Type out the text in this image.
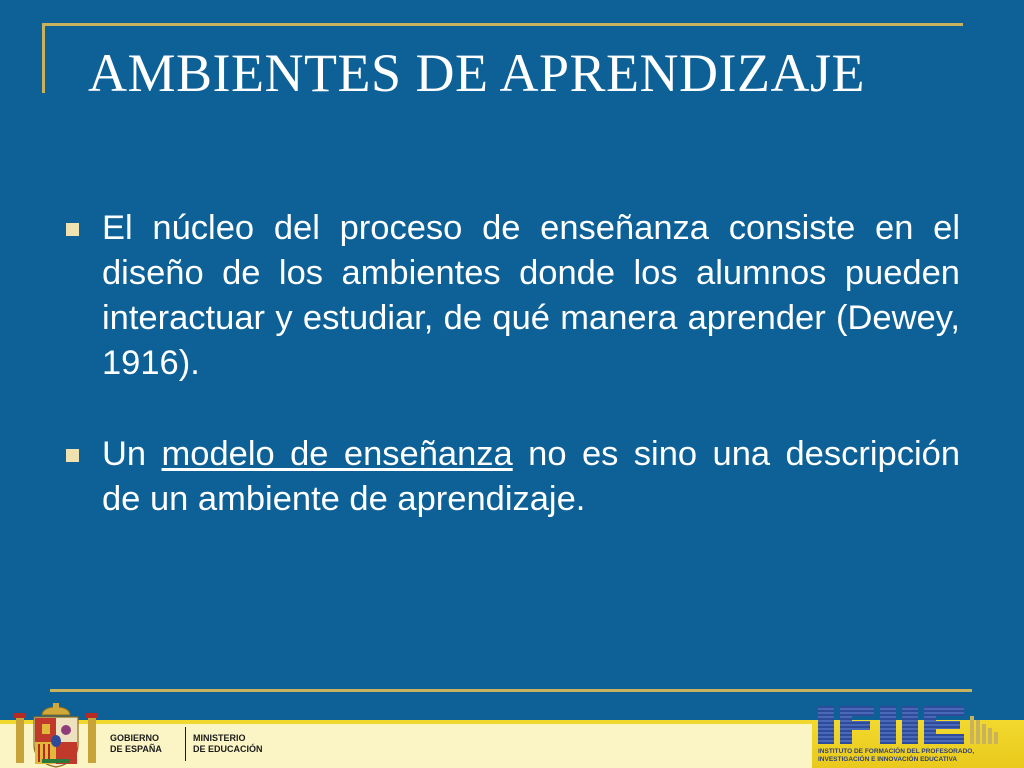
AMBIENTES DE APRENDIZAJE

El núcleo del proceso de enseñanza consiste en el diseño de los ambientes donde los alumnos pueden interactuar y estudiar, de qué manera aprender (Dewey, 1916).

Un modelo de enseñanza no es sino una descripción de un ambiente de aprendizaje.

GOBIERNO
DE ESPAÑA
MINISTERIO
DE EDUCACIÓN	INSTITUTO DE FORMACIÓN DEL PROFESORADO,
INVESTIGACIÓN E INNOVACIÓN EDUCATIVA
